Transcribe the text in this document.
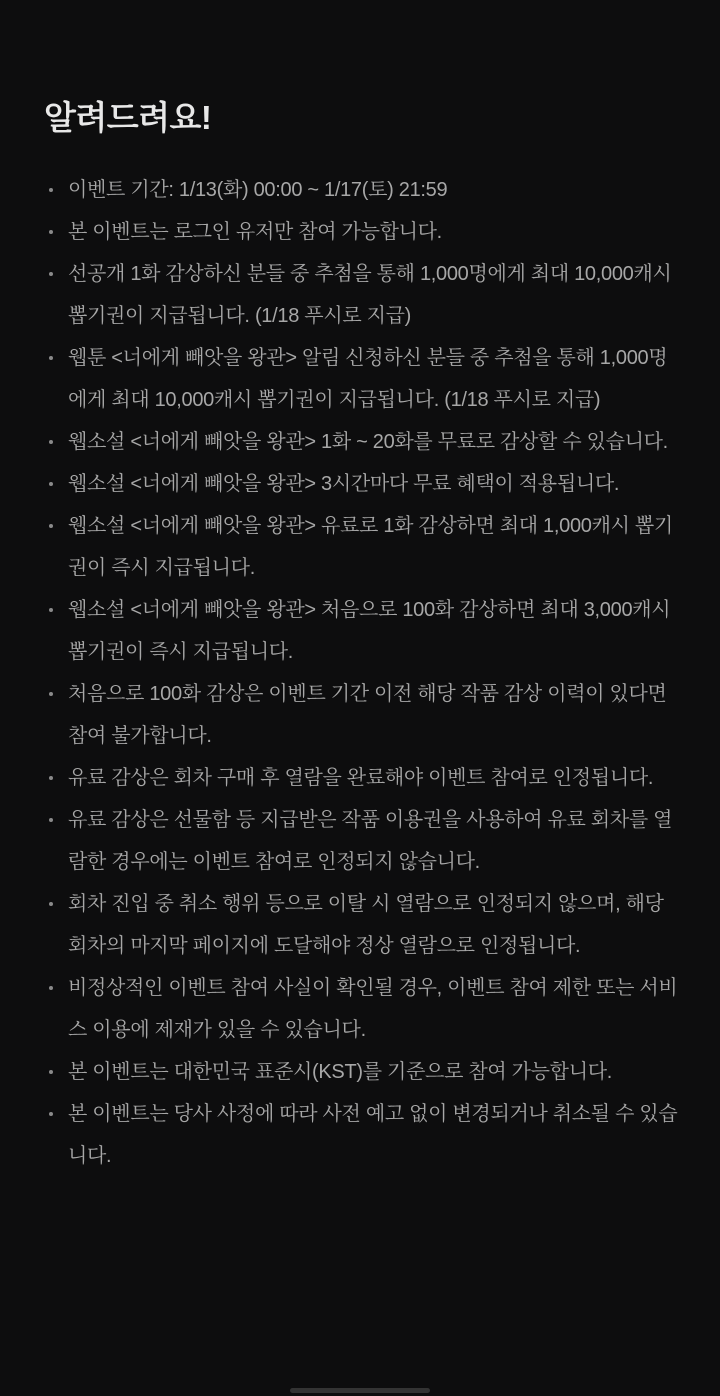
알려드려요!
이벤트 기간: 1/13(화) 00:00 ~ 1/17(토) 21:59
본 이벤트는 로그인 유저만 참여 가능합니다.
선공개 1화 감상하신 분들 중 추첨을 통해 1,000명에게 최대 10,000캐시 뽑기권이 지급됩니다. (1/18 푸시로 지급)
웹툰 <너에게 빼앗을 왕관> 알림 신청하신 분들 중 추첨을 통해 1,000명에게 최대 10,000캐시 뽑기권이 지급됩니다. (1/18 푸시로 지급)
웹소설 <너에게 빼앗을 왕관> 1화 ~ 20화를 무료로 감상할 수 있습니다.
웹소설 <너에게 빼앗을 왕관> 3시간마다 무료 혜택이 적용됩니다.
웹소설 <너에게 빼앗을 왕관> 유료로 1화 감상하면 최대 1,000캐시 뽑기권이 즉시 지급됩니다.
웹소설 <너에게 빼앗을 왕관> 처음으로 100화 감상하면 최대 3,000캐시 뽑기권이 즉시 지급됩니다.
처음으로 100화 감상은 이벤트 기간 이전 해당 작품 감상 이력이 있다면 참여 불가합니다.
유료 감상은 회차 구매 후 열람을 완료해야 이벤트 참여로 인정됩니다.
유료 감상은 선물함 등 지급받은 작품 이용권을 사용하여 유료 회차를 열람한 경우에는 이벤트 참여로 인정되지 않습니다.
회차 진입 중 취소 행위 등으로 이탈 시 열람으로 인정되지 않으며, 해당 회차의 마지막 페이지에 도달해야 정상 열람으로 인정됩니다.
비정상적인 이벤트 참여 사실이 확인될 경우, 이벤트 참여 제한 또는 서비스 이용에 제재가 있을 수 있습니다.
본 이벤트는 대한민국 표준시(KST)를 기준으로 참여 가능합니다.
본 이벤트는 당사 사정에 따라 사전 예고 없이 변경되거나 취소될 수 있습니다.
